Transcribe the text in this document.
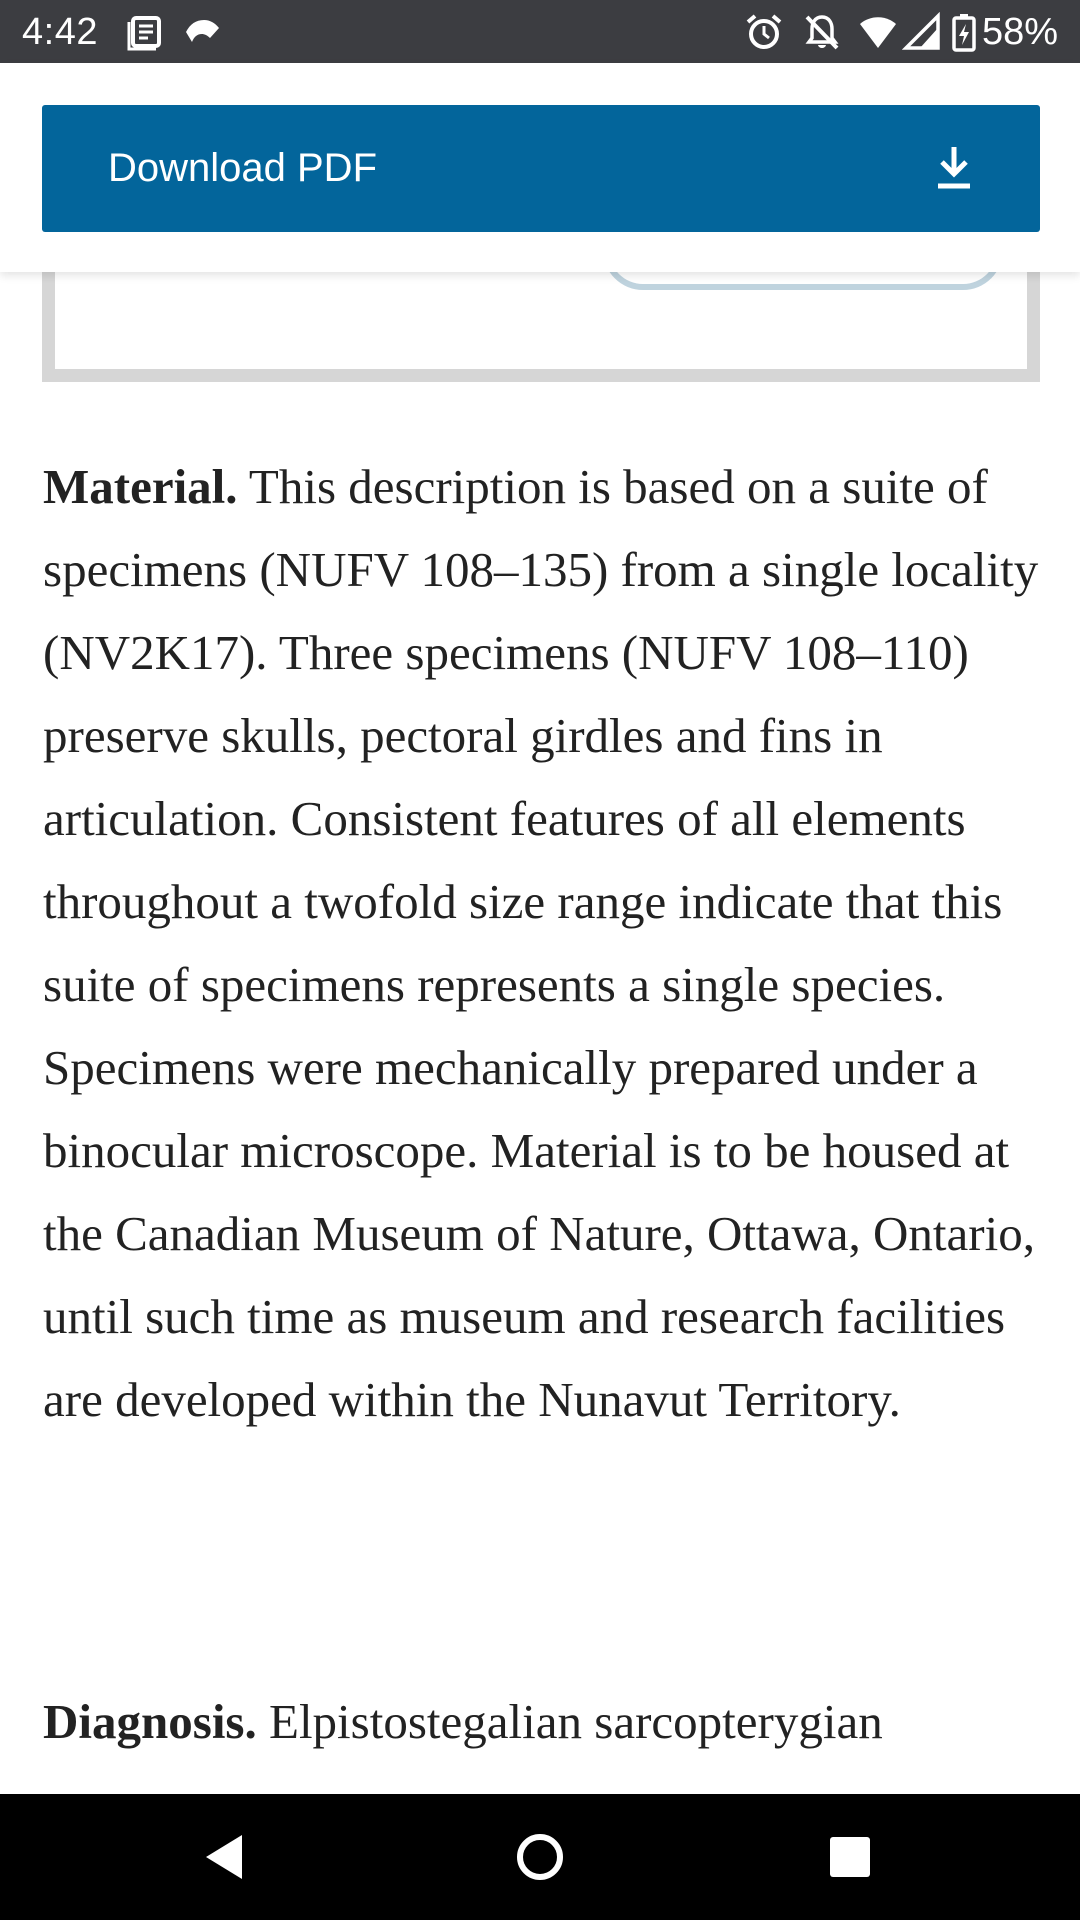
4:42	58%
Download PDF

Material. This description is based on a suite of specimens (NUFV 108–135) from a single locality (NV2K17). Three specimens (NUFV 108–110) preserve skulls, pectoral girdles and fins in articulation. Consistent features of all elements throughout a twofold size range indicate that this suite of specimens represents a single species. Specimens were mechanically prepared under a binocular microscope. Material is to be housed at the Canadian Museum of Nature, Ottawa, Ontario, until such time as museum and research facilities are developed within the Nunavut Territory.

Diagnosis. Elpistostegalian sarcopterygian
